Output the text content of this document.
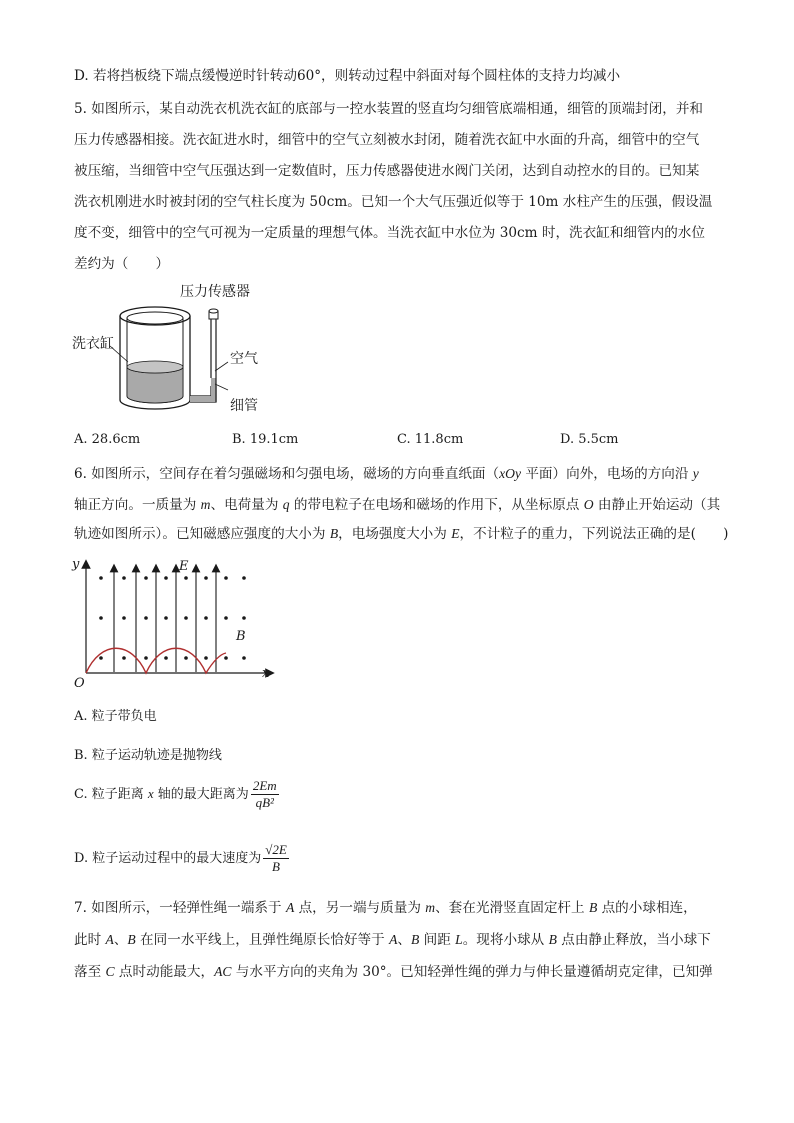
D. 若将挡板绕下端点缓慢逆时针转动60°，则转动过程中斜面对每个圆柱体的支持力均减小
5. 如图所示，某自动洗衣机洗衣缸的底部与一控水装置的竖直均匀细管底端相通，细管的顶端封闭，并和
压力传感器相接。洗衣缸进水时，细管中的空气立刻被水封闭，随着洗衣缸中水面的升高，细管中的空气
被压缩，当细管中空气压强达到一定数值时，压力传感器使进水阀门关闭，达到自动控水的目的。已知某
洗衣机刚进水时被封闭的空气柱长度为 50cm。已知一个大气压强近似等于 10m 水柱产生的压强，假设温
度不变，细管中的空气可视为一定质量的理想气体。当洗衣缸中水位为 30cm 时，洗衣缸和细管内的水位
差约为（　　）
压力传感器
洗衣缸
空气
细管
A. 28.6cm	B. 19.1cm	C. 11.8cm	D. 5.5cm
6. 如图所示，空间存在着匀强磁场和匀强电场，磁场的方向垂直纸面（xOy 平面）向外，电场的方向沿 y
轴正方向。一质量为 m、电荷量为 q 的带电粒子在电场和磁场的作用下，从坐标原点 O 由静止开始运动（其
轨迹如图所示）。已知磁感应强度的大小为 B，电场强度大小为 E，不计粒子的重力，下列说法正确的是(　　)
y
x
O
E
B
A. 粒子带负电
B. 粒子运动轨迹是抛物线
C. 粒子距离 x 轴的最大距离为 $\frac{2Em}{\text{qB²}}$
D. 粒子运动过程中的最大速度为 $\frac{√2E}{B}$
7. 如图所示，一轻弹性绳一端系于 A 点，另一端与质量为 m、套在光滑竖直固定杆上 B 点的小球相连，
此时 A、B 在同一水平线上，且弹性绳原长恰好等于 A、B 间距 L。现将小球从 B 点由静止释放，当小球下
落至 C 点时动能最大，AC 与水平方向的夹角为 30°。已知轻弹性绳的弹力与伸长量遵循胡克定律，已知弹
